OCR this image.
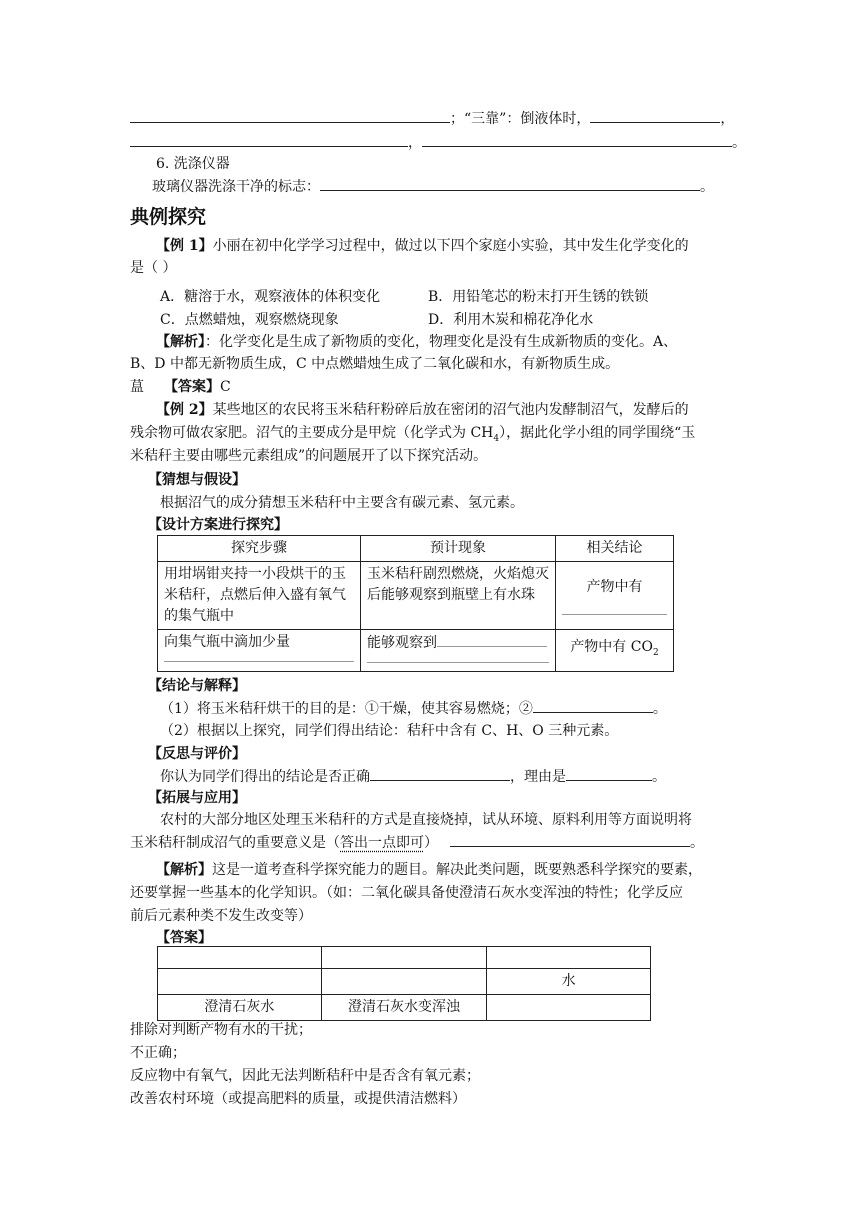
；“三靠”：倒液体时，	，
，	。
6. 洗涤仪器
玻璃仪器洗涤干净的标志：	。
典例探究
【例 1】小丽在初中化学学习过程中，做过以下四个家庭小实验，其中发生化学变化的
是（ ）
A．糖溶于水，观察液体的体积变化	B．用铅笔芯的粉末打开生锈的铁锁
C．点燃蜡烛，观察燃烧现象	D．利用木炭和棉花净化水
【解析】：化学变化是生成了新物质的变化，物理变化是没有生成新物质的变化。A、
B、D 中都无新物质生成，C 中点燃蜡烛生成了二氧化碳和水，有新物质生成。
蒀 【答案】C
【例 2】某些地区的农民将玉米秸秆粉碎后放在密闭的沼气池内发酵制沼气，发酵后的
残余物可做农家肥。沼气的主要成分是甲烷（化学式为 $CH_4$），据此化学小组的同学围绕“玉
米秸秆主要由哪些元素组成”的问题展开了以下探究活动。
【猜想与假设】
根据沼气的成分猜想玉米秸秆中主要含有碳元素、氢元素。
【设计方案进行探究】
探究步骤	预计现象	相关结论
用坩埚钳夹持一小段烘干的玉米秸秆，点燃后伸入盛有氧气的集气瓶中	玉米秸秆剧烈燃烧，火焰熄灭后能够观察到瓶壁上有水珠	产物中有

向集气瓶中滴加少量	能够观察到	产物中有 $CO_2$
【结论与解释】
（1）将玉米秸秆烘干的目的是：①干燥，使其容易燃烧；②	。
（2）根据以上探究，同学们得出结论：秸秆中含有 C、H、O 三种元素。
【反思与评价】
你认为同学们得出的结论是否正确	，理由是	。
【拓展与应用】
农村的大部分地区处理玉米秸秆的方式是直接烧掉，试从环境、原料利用等方面说明将
玉米秸秆制成沼气的重要意义是（答出一点即可）	。
【解析】这是一道考查科学探究能力的题目。解决此类问题，既要熟悉科学探究的要素，
还要掌握一些基本的化学知识。（如：二氧化碳具备使澄清石灰水变浑浊的特性；化学反应
前后元素种类不发生改变等）
【答案】

		水
澄清石灰水	澄清石灰水变浑浊	
排除对判断产物有水的干扰；
不正确；
反应物中有氧气，因此无法判断秸秆中是否含有氧元素；
改善农村环境（或提高肥料的质量，或提供清洁燃料）
